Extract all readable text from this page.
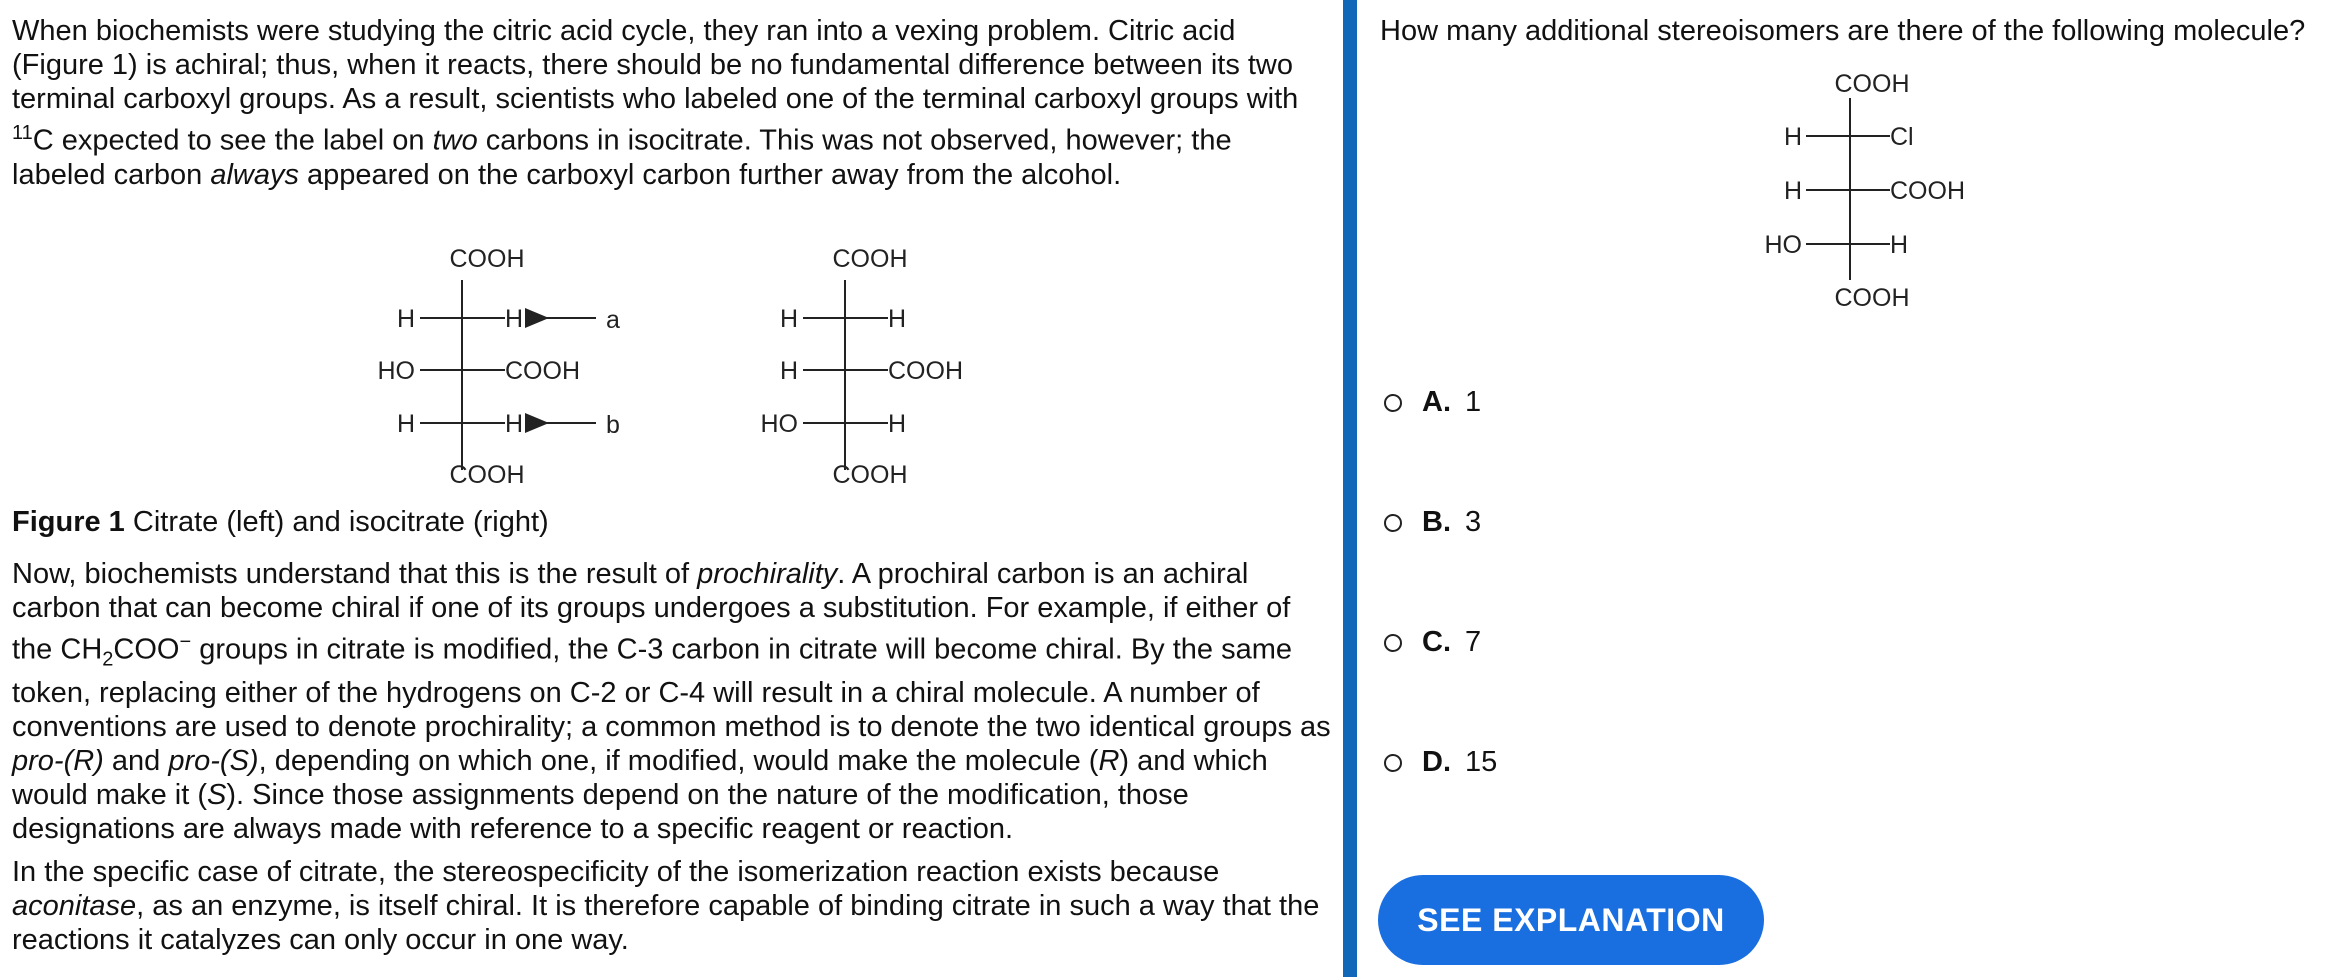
When biochemists were studying the citric acid cycle, they ran into a vexing problem. Citric acid (Figure 1) is achiral; thus, when it reacts, there should be no fundamental difference between its two terminal carboxyl groups. As a result, scientists who labeled one of the terminal carboxyl groups with $^{11}$C expected to see the label on two carbons in isocitrate. This was not observed, however; the labeled carbon always appeared on the carboxyl carbon further away from the alcohol.

COOH
COOH
H	H
HO	COOH
H	H
a
b
COOH
COOH
H	H
H	COOH
HO	H
Figure 1 Citrate (left) and isocitrate (right)

Now, biochemists understand that this is the result of prochirality. A prochiral carbon is an achiral carbon that can become chiral if one of its groups undergoes a substitution. For example, if either of the $CH_2COO^-$ groups in citrate is modified, the C-3 carbon in citrate will become chiral. By the same token, replacing either of the hydrogens on C-2 or C-4 will result in a chiral molecule. A number of conventions are used to denote prochirality; a common method is to denote the two identical groups as pro-(R) and pro-(S), depending on which one, if modified, would make the molecule (R) and which would make it (S). Since those assignments depend on the nature of the modification, those designations are always made with reference to a specific reagent or reaction.

In the specific case of citrate, the stereospecificity of the isomerization reaction exists because aconitase, as an enzyme, is itself chiral. It is therefore capable of binding citrate in such a way that the reactions it catalyzes can only occur in one way.

How many additional stereoisomers are there of the following molecule?
COOH
COOH
H	Cl
H	COOH
HO	H
A. 1
B. 3
C. 7
D. 15
SEE EXPLANATION
